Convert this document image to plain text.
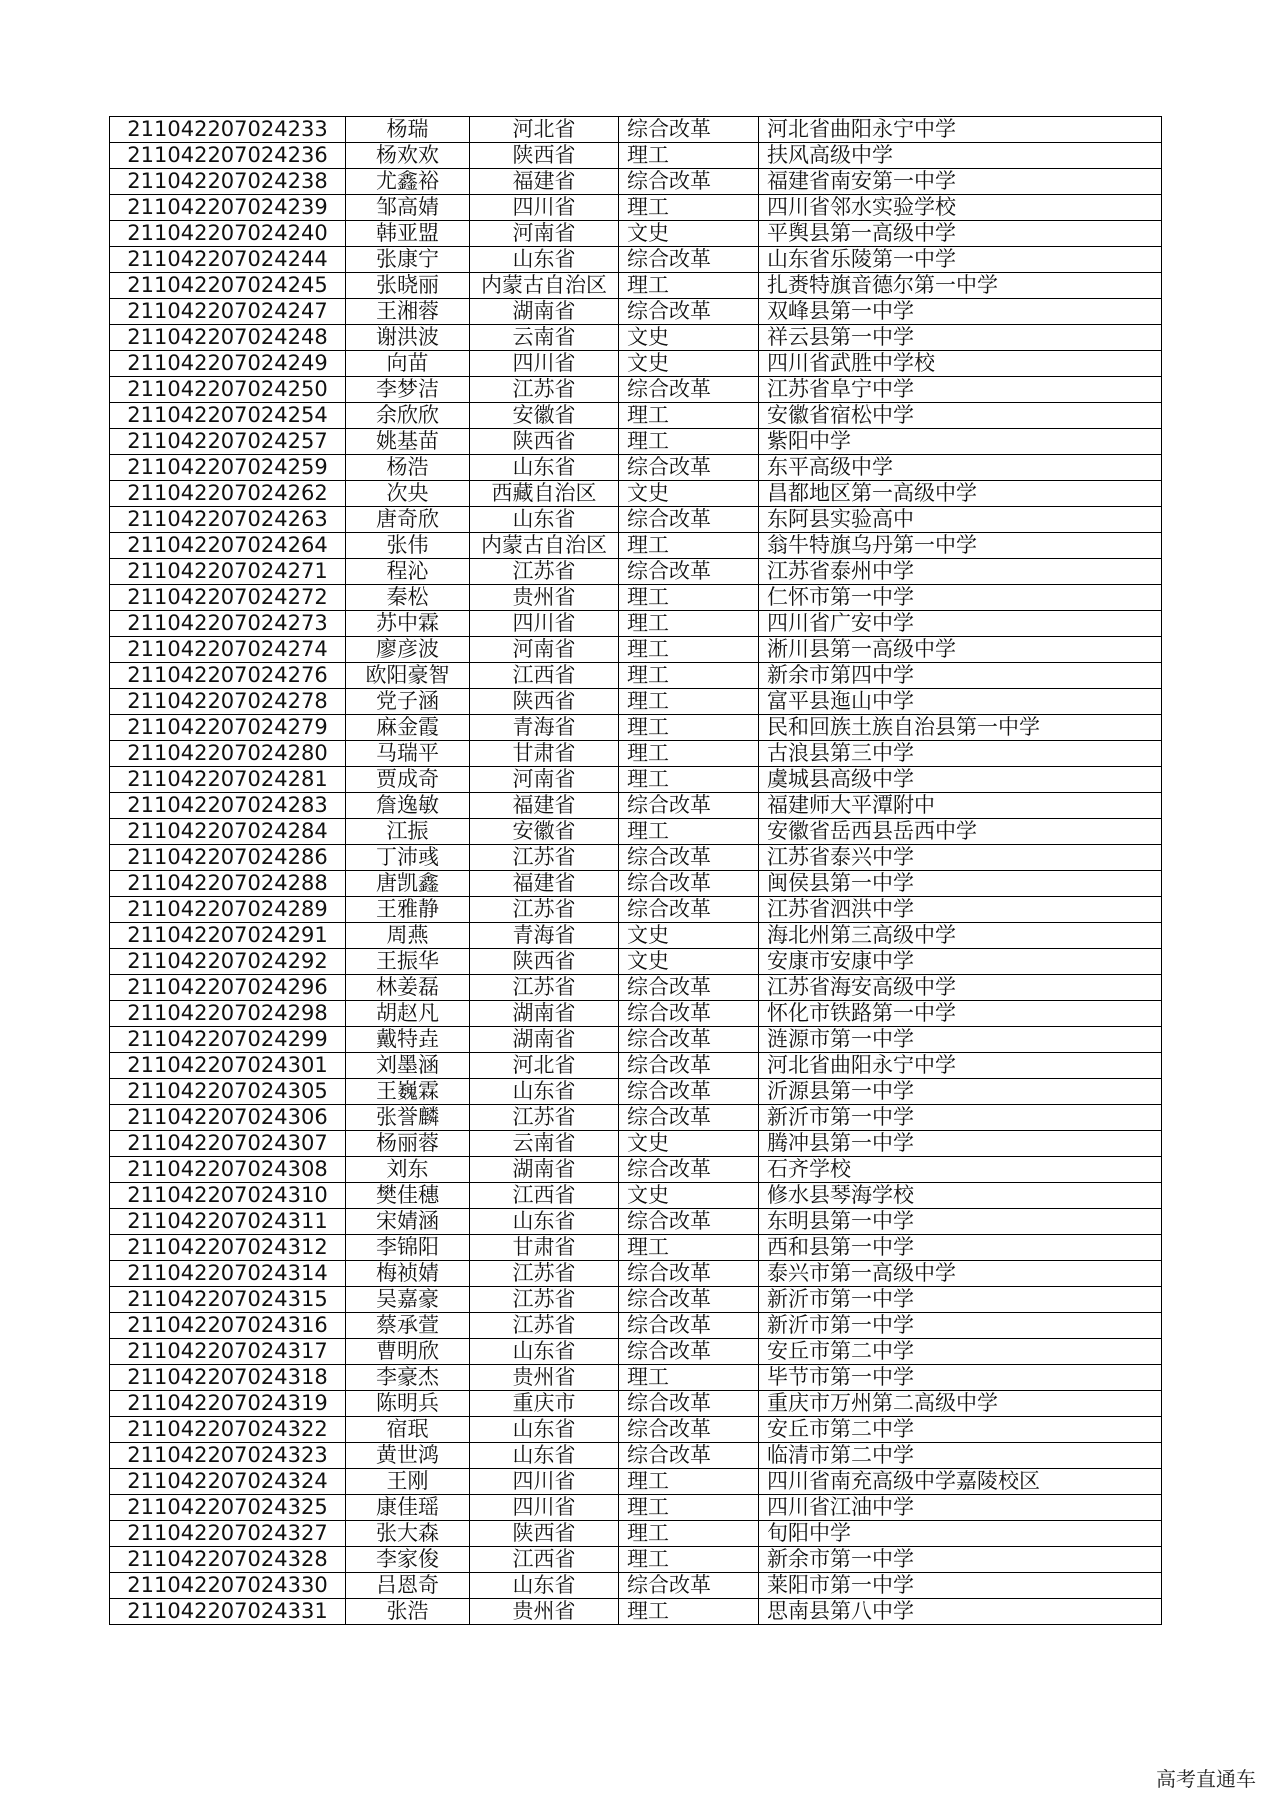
211042207024233	杨瑞	河北省	综合改革	河北省曲阳永宁中学
211042207024236	杨欢欢	陕西省	理工	扶风高级中学
211042207024238	尤鑫裕	福建省	综合改革	福建省南安第一中学
211042207024239	邹高婧	四川省	理工	四川省邻水实验学校
211042207024240	韩亚盟	河南省	文史	平舆县第一高级中学
211042207024244	张康宁	山东省	综合改革	山东省乐陵第一中学
211042207024245	张晓丽	内蒙古自治区	理工	扎赉特旗音德尔第一中学
211042207024247	王湘蓉	湖南省	综合改革	双峰县第一中学
211042207024248	谢洪波	云南省	文史	祥云县第一中学
211042207024249	向苗	四川省	文史	四川省武胜中学校
211042207024250	李梦洁	江苏省	综合改革	江苏省阜宁中学
211042207024254	余欣欣	安徽省	理工	安徽省宿松中学
211042207024257	姚基苗	陕西省	理工	紫阳中学
211042207024259	杨浩	山东省	综合改革	东平高级中学
211042207024262	次央	西藏自治区	文史	昌都地区第一高级中学
211042207024263	唐奇欣	山东省	综合改革	东阿县实验高中
211042207024264	张伟	内蒙古自治区	理工	翁牛特旗乌丹第一中学
211042207024271	程沁	江苏省	综合改革	江苏省泰州中学
211042207024272	秦松	贵州省	理工	仁怀市第一中学
211042207024273	苏中霖	四川省	理工	四川省广安中学
211042207024274	廖彦波	河南省	理工	淅川县第一高级中学
211042207024276	欧阳豪智	江西省	理工	新余市第四中学
211042207024278	党子涵	陕西省	理工	富平县迤山中学
211042207024279	麻金霞	青海省	理工	民和回族土族自治县第一中学
211042207024280	马瑞平	甘肃省	理工	古浪县第三中学
211042207024281	贾成奇	河南省	理工	虞城县高级中学
211042207024283	詹逸敏	福建省	综合改革	福建师大平潭附中
211042207024284	江振	安徽省	理工	安徽省岳西县岳西中学
211042207024286	丁沛彧	江苏省	综合改革	江苏省泰兴中学
211042207024288	唐凯鑫	福建省	综合改革	闽侯县第一中学
211042207024289	王雅静	江苏省	综合改革	江苏省泗洪中学
211042207024291	周燕	青海省	文史	海北州第三高级中学
211042207024292	王振华	陕西省	文史	安康市安康中学
211042207024296	林姜磊	江苏省	综合改革	江苏省海安高级中学
211042207024298	胡赵凡	湖南省	综合改革	怀化市铁路第一中学
211042207024299	戴特垚	湖南省	综合改革	涟源市第一中学
211042207024301	刘墨涵	河北省	综合改革	河北省曲阳永宁中学
211042207024305	王巍霖	山东省	综合改革	沂源县第一中学
211042207024306	张誉麟	江苏省	综合改革	新沂市第一中学
211042207024307	杨丽蓉	云南省	文史	腾冲县第一中学
211042207024308	刘东	湖南省	综合改革	石齐学校
211042207024310	樊佳穗	江西省	文史	修水县琴海学校
211042207024311	宋婧涵	山东省	综合改革	东明县第一中学
211042207024312	李锦阳	甘肃省	理工	西和县第一中学
211042207024314	梅祯婧	江苏省	综合改革	泰兴市第一高级中学
211042207024315	吴嘉豪	江苏省	综合改革	新沂市第一中学
211042207024316	蔡承萱	江苏省	综合改革	新沂市第一中学
211042207024317	曹明欣	山东省	综合改革	安丘市第二中学
211042207024318	李豪杰	贵州省	理工	毕节市第一中学
211042207024319	陈明兵	重庆市	综合改革	重庆市万州第二高级中学
211042207024322	宿珉	山东省	综合改革	安丘市第二中学
211042207024323	黄世鸿	山东省	综合改革	临清市第二中学
211042207024324	王刚	四川省	理工	四川省南充高级中学嘉陵校区
211042207024325	康佳瑶	四川省	理工	四川省江油中学
211042207024327	张大森	陕西省	理工	旬阳中学
211042207024328	李家俊	江西省	理工	新余市第一中学
211042207024330	吕恩奇	山东省	综合改革	莱阳市第一中学
211042207024331	张浩	贵州省	理工	思南县第八中学
高考直通车
